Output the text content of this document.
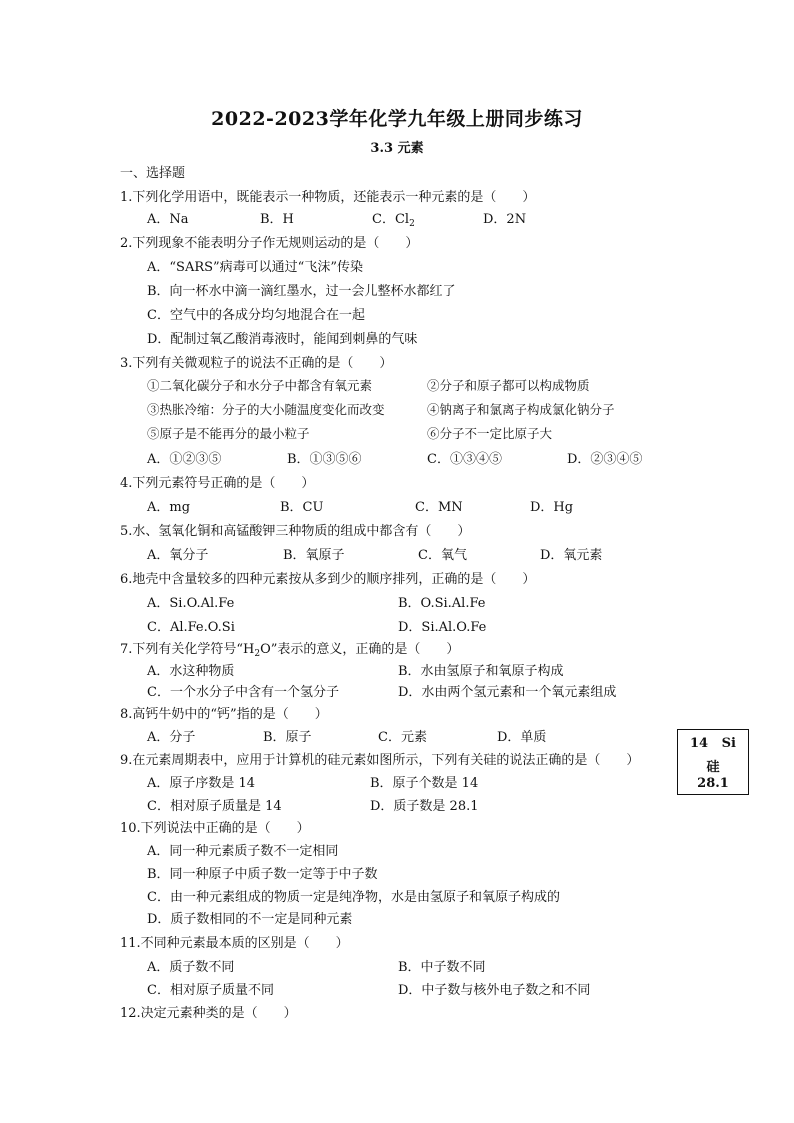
2022-2023学年化学九年级上册同步练习
3.3 元素
一、选择题
1.下列化学用语中，既能表示一种物质，还能表示一种元素的是（　　）
A．Na	B．H	C．$Cl_2$	D．2N
2.下列现象不能表明分子作无规则运动的是（　　）
A．“SARS”病毒可以通过“飞沫”传染
B．向一杯水中滴一滴红墨水，过一会儿整杯水都红了
C．空气中的各成分均匀地混合在一起
D．配制过氧乙酸消毒液时，能闻到刺鼻的气味
3.下列有关微观粒子的说法不正确的是（　　）
①二氧化碳分子和水分子中都含有氧元素	②分子和原子都可以构成物质
③热胀冷缩：分子的大小随温度变化而改变	④钠离子和氯离子构成氯化钠分子
⑤原子是不能再分的最小粒子	⑥分子不一定比原子大
A．①②③⑤	B．①③⑤⑥	C．①③④⑤	D．②③④⑤
4.下列元素符号正确的是（　　）
A．mg	B．CU	C．MN	D．Hg
5.水、氢氧化铜和高锰酸钾三种物质的组成中都含有（　　）
A．氧分子	B．氧原子	C．氧气	D．氧元素
6.地壳中含量较多的四种元素按从多到少的顺序排列，正确的是（　　）
A．Si.O.Al.Fe	B．O.Si.Al.Fe
C．Al.Fe.O.Si	D．Si.Al.O.Fe
7.下列有关化学符号“$H_2O$”表示的意义，正确的是（　　）
A．水这种物质	B．水由氢原子和氧原子构成
C．一个水分子中含有一个氢分子	D．水由两个氢元素和一个氧元素组成
8.高钙牛奶中的“钙”指的是（　　）
A．分子	B．原子	C．元素	D．单质
9.在元素周期表中，应用于计算机的硅元素如图所示，下列有关硅的说法正确的是（　　）
A．原子序数是 14	B．原子个数是 14
C．相对原子质量是 14	D．质子数是 28.1
14 Si
硅
28.1
10.下列说法中正确的是（　　）
A．同一种元素质子数不一定相同
B．同一种原子中质子数一定等于中子数
C．由一种元素组成的物质一定是纯净物，水是由氢原子和氧原子构成的
D．质子数相同的不一定是同种元素
11.不同种元素最本质的区别是（　　）
A．质子数不同	B．中子数不同
C．相对原子质量不同	D．中子数与核外电子数之和不同
12.决定元素种类的是（　　）
